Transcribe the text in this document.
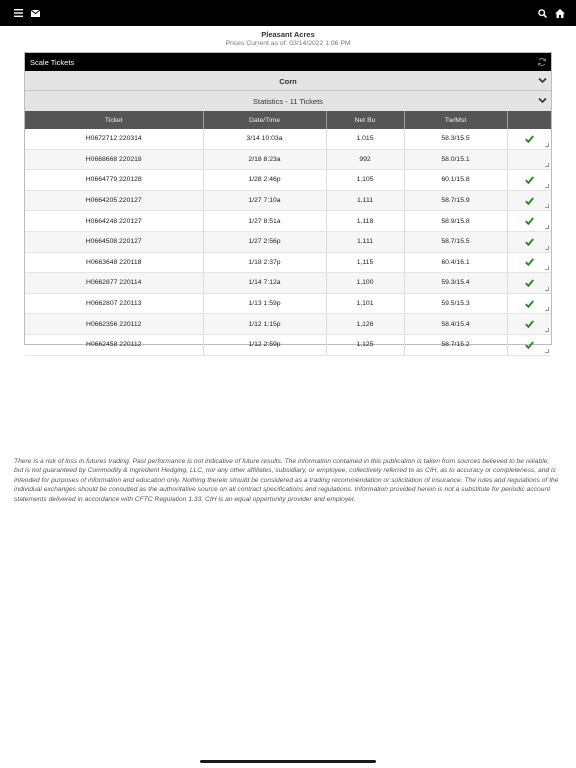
Pleasant Acres
Prices Current as of: 03/14/2022 1:06 PM
Scale Tickets
Corn
Statistics - 11 Tickets
Ticket	Date/Time	Net Bu	Tw/Mst	
H0672712 220314	3/14 10:03a	1,015	58.3/15.5	

H0668668 220218	2/18 8:23a	992	58.0/15.1	

H0664779 220128	1/28 2:46p	1,105	60.1/15.8	

H0664205 220127	1/27 7:10a	1,111	58.7/15.9	

H0664248 220127	1/27 8:51a	1,118	58.9/15.8	

H0664508 220127	1/27 2:56p	1,111	58.7/15.5	

H0663648 220118	1/18 2:37p	1,115	60.4/16.1	

H0662877 220114	1/14 7:12a	1,100	59.3/15.4	

H0662807 220113	1/13 1:59p	1,101	59.5/15.3	

H0662356 220112	1/12 1:15p	1,126	58.4/15.4	

H0662458 220112	1/12 2:59p	1,125	58.7/15.2	
There is a risk of loss in futures trading. Past performance is not indicative of future results. The information contained in this publication is taken from sources believed to be reliable, but is not guaranteed by Commodity & Ingredient Hedging, LLC, nor any other affiliates, subsidiary, or employee, collectively referred to as CIH, as to accuracy or completeness, and is intended for purposes of information and education only. Nothing therein should be considered as a trading recommendation or solicitation of insurance. The rules and regulations of the individual exchanges should be consulted as the authoritative source on all contract specifications and regulations. Information provided herein is not a substitute for periodic account statements delivered in accordance with CFTC Regulation 1.33. CIH is an equal opportunity provider and employer.
